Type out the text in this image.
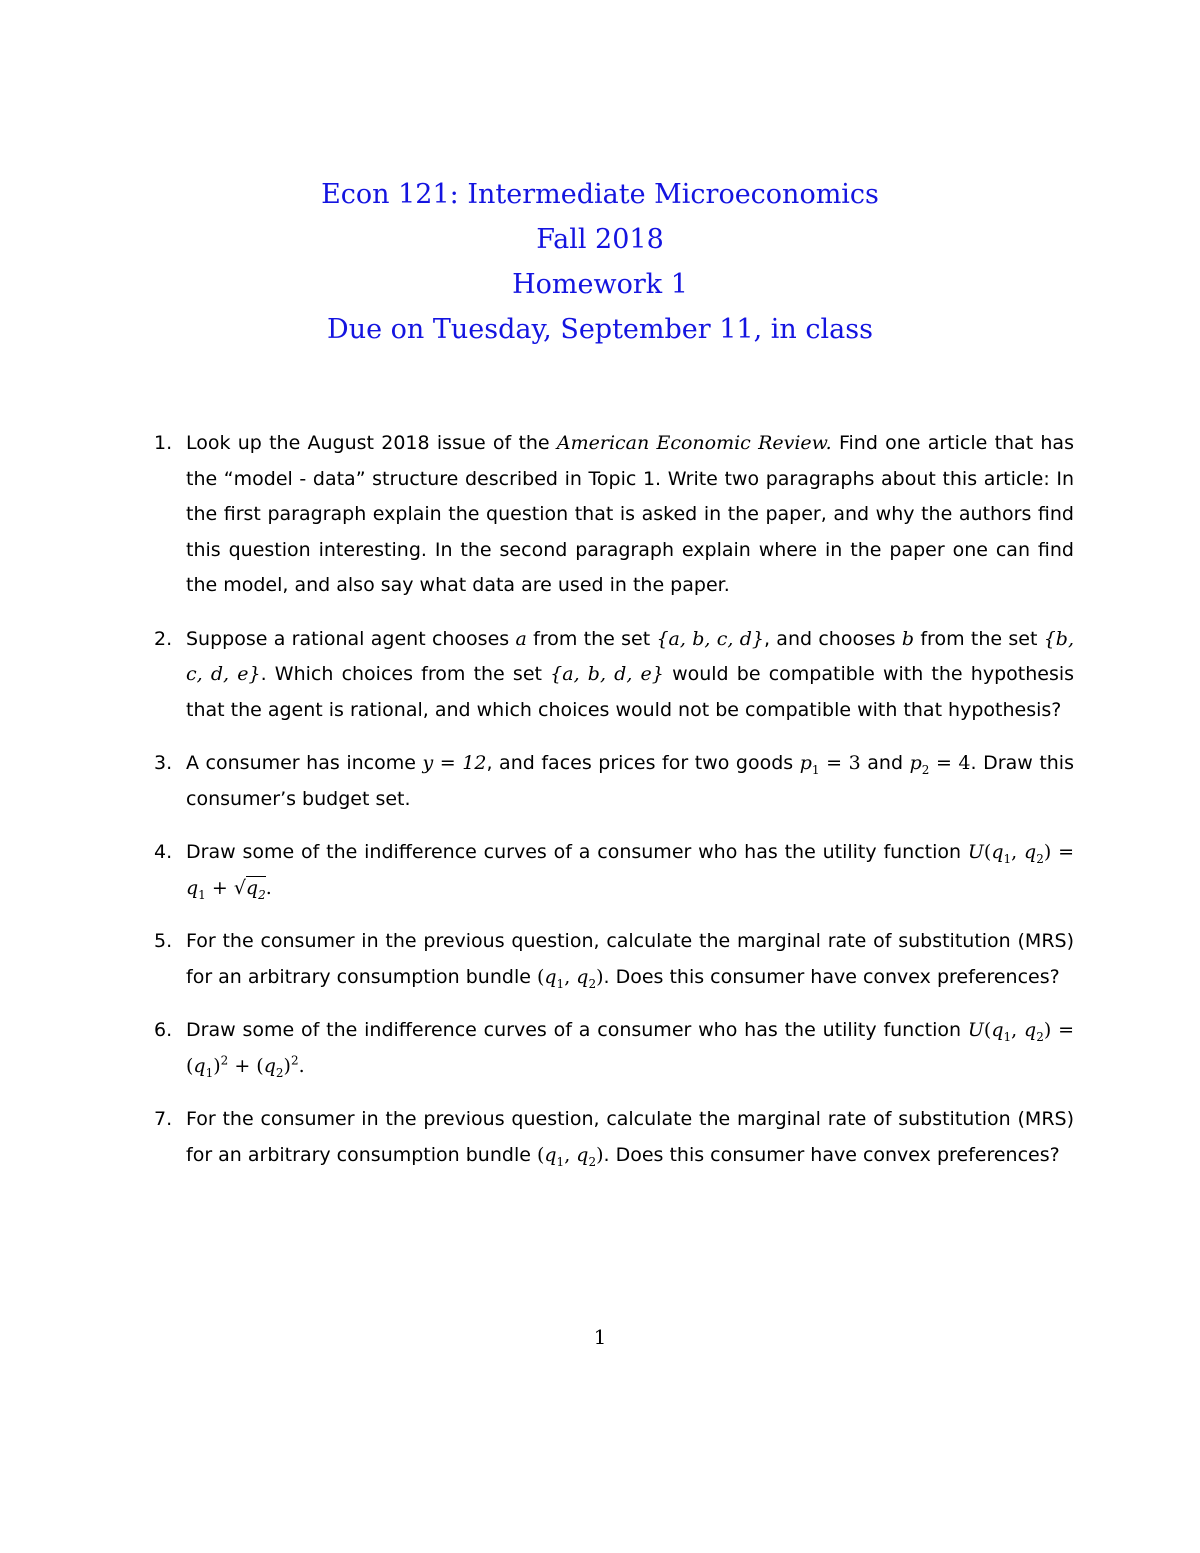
Econ 121: Intermediate Microeconomics
Fall 2018
Homework 1
Due on Tuesday, September 11, in class
1. Look up the August 2018 issue of the American Economic Review. Find one article that has the “model - data” structure described in Topic 1. Write two paragraphs about this article: In the first paragraph explain the question that is asked in the paper, and why the authors find this question interesting. In the second paragraph explain where in the paper one can find the model, and also say what data are used in the paper.
2. Suppose a rational agent chooses a from the set {a, b, c, d}, and chooses b from the set {b, c, d, e}. Which choices from the set {a, b, d, e} would be compatible with the hypothesis that the agent is rational, and which choices would not be compatible with that hypothesis?
3. A consumer has income y = 12, and faces prices for two goods $p_1 = 3$ and $p_2 = 4$. Draw this consumer’s budget set.
4. Draw some of the indifference curves of a consumer who has the utility function $U(q_1$, $q_2) = q_1 + √q_2$.
5. For the consumer in the previous question, calculate the marginal rate of substitution (MRS) for an arbitrary consumption bundle ($q_1$, $q_2$). Does this consumer have convex preferences?
6. Draw some of the indifference curves of a consumer who has the utility function $U(q_1$, $q_2) = (q_1)^2 + (q_2)^2$.
7. For the consumer in the previous question, calculate the marginal rate of substitution (MRS) for an arbitrary consumption bundle ($q_1$, $q_2$). Does this consumer have convex preferences?
1
